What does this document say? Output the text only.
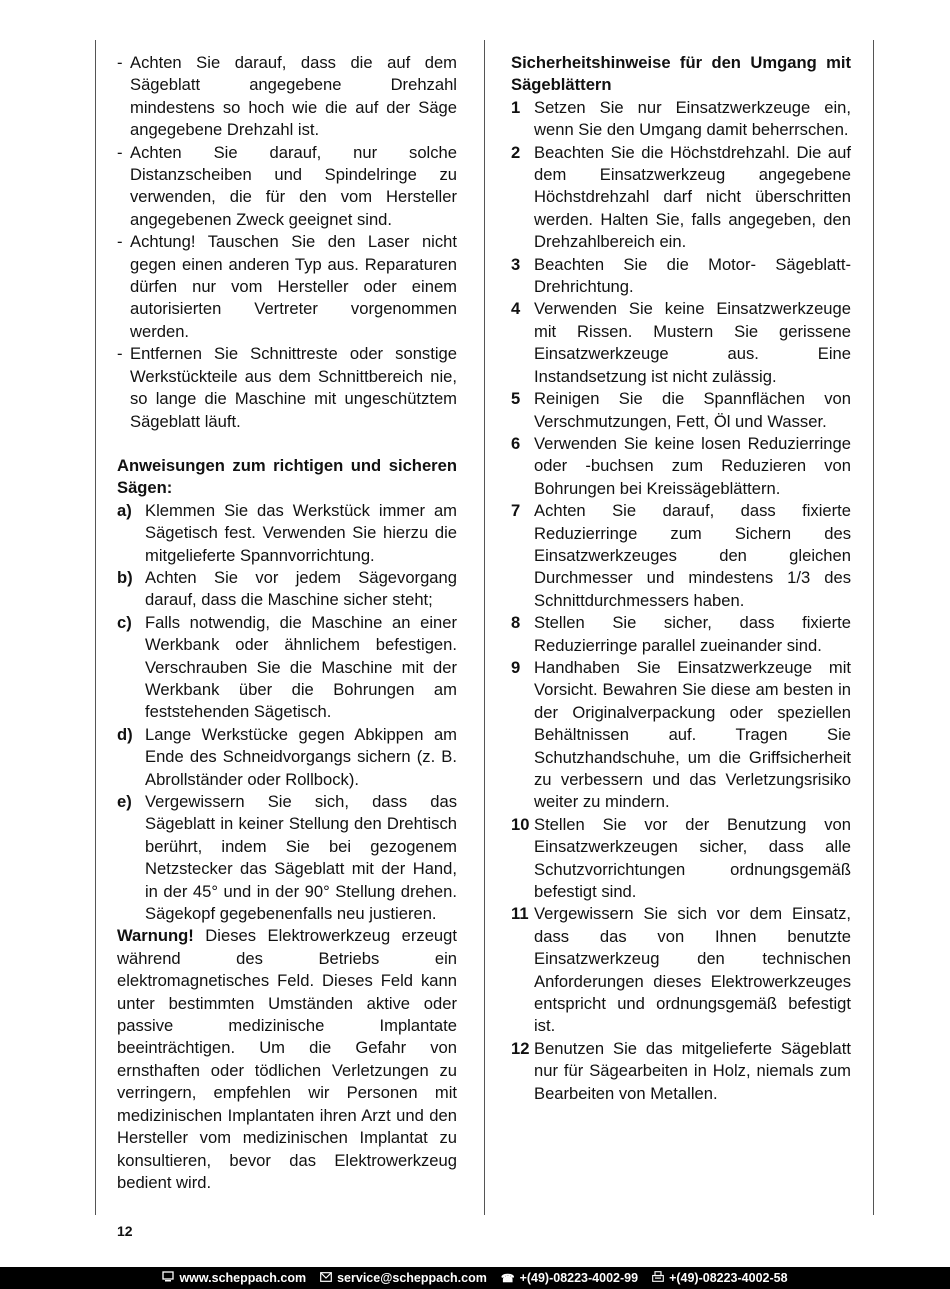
- Achten Sie darauf, dass die auf dem Sägeblatt angegebene Drehzahl mindestens so hoch wie die auf der Säge angegebene Drehzahl ist.
- Achten Sie darauf, nur solche Distanzscheiben und Spindelringe zu verwenden, die für den vom Hersteller angegebenen Zweck geeignet sind.
- Achtung! Tauschen Sie den Laser nicht gegen einen anderen Typ aus. Reparaturen dürfen nur vom Hersteller oder einem autorisierten Vertreter vorgenommen werden.
- Entfernen Sie Schnittreste oder sonstige Werkstückteile aus dem Schnittbereich nie, so lange die Maschine mit ungeschütztem Sägeblatt läuft.

Anweisungen zum richtigen und sicheren Sägen:

a) Klemmen Sie das Werkstück immer am Sägetisch fest. Verwenden Sie hierzu die mitgelieferte Spannvorrichtung.
b) Achten Sie vor jedem Sägevorgang darauf, dass die Maschine sicher steht;
c) Falls notwendig, die Maschine an einer Werkbank oder ähnlichem befestigen. Verschrauben Sie die Maschine mit der Werkbank über die Bohrungen am feststehenden Sägetisch.
d) Lange Werkstücke gegen Abkippen am Ende des Schneidvorgangs sichern (z. B. Abrollständer oder Rollbock).
e) Vergewissern Sie sich, dass das Sägeblatt in keiner Stellung den Drehtisch berührt, indem Sie bei gezogenem Netzstecker das Sägeblatt mit der Hand, in der 45° und in der 90° Stellung drehen. Sägekopf gegebenenfalls neu justieren.

Warnung! Dieses Elektrowerkzeug erzeugt während des Betriebs ein elektromagnetisches Feld. Dieses Feld kann unter bestimmten Umständen aktive oder passive medizinische Implantate beeinträchtigen. Um die Gefahr von ernsthaften oder tödlichen Verletzungen zu verringern, empfehlen wir Personen mit medizinischen Implantaten ihren Arzt und den Hersteller vom medizinischen Implantat zu konsultieren, bevor das Elektrowerkzeug bedient wird.

Sicherheitshinweise für den Umgang mit Sägeblättern

1 Setzen Sie nur Einsatzwerkzeuge ein, wenn Sie den Umgang damit beherrschen.
2 Beachten Sie die Höchstdrehzahl. Die auf dem Einsatzwerkzeug angegebene Höchstdrehzahl darf nicht überschritten werden. Halten Sie, falls angegeben, den Drehzahlbereich ein.
3 Beachten Sie die Motor- Sägeblatt- Drehrichtung.
4 Verwenden Sie keine Einsatzwerkzeuge mit Rissen. Mustern Sie gerissene Einsatzwerkzeuge aus. Eine Instandsetzung ist nicht zulässig.
5 Reinigen Sie die Spannflächen von Verschmutzungen, Fett, Öl und Wasser.
6 Verwenden Sie keine losen Reduzierringe oder -buchsen zum Reduzieren von Bohrungen bei Kreissägeblättern.
7 Achten Sie darauf, dass fixierte Reduzierringe zum Sichern des Einsatzwerkzeuges den gleichen Durchmesser und mindestens 1/3 des Schnittdurchmessers haben.
8 Stellen Sie sicher, dass fixierte Reduzierringe parallel zueinander sind.
9 Handhaben Sie Einsatzwerkzeuge mit Vorsicht. Bewahren Sie diese am besten in der Originalverpackung oder speziellen Behältnissen auf. Tragen Sie Schutzhandschuhe, um die Griffsicherheit zu verbessern und das Verletzungsrisiko weiter zu mindern.
10 Stellen Sie vor der Benutzung von Einsatzwerkzeugen sicher, dass alle Schutzvorrichtungen ordnungsgemäß befestigt sind.
11 Vergewissern Sie sich vor dem Einsatz, dass das von Ihnen benutzte Einsatzwerkzeug den technischen Anforderungen dieses Elektrowerkzeuges entspricht und ordnungsgemäß befestigt ist.
12 Benutzen Sie das mitgelieferte Sägeblatt nur für Sägearbeiten in Holz, niemals zum Bearbeiten von Metallen.
12
www.scheppach.com service@scheppach.com ☎ +(49)-08223-4002-99 +(49)-08223-4002-58
